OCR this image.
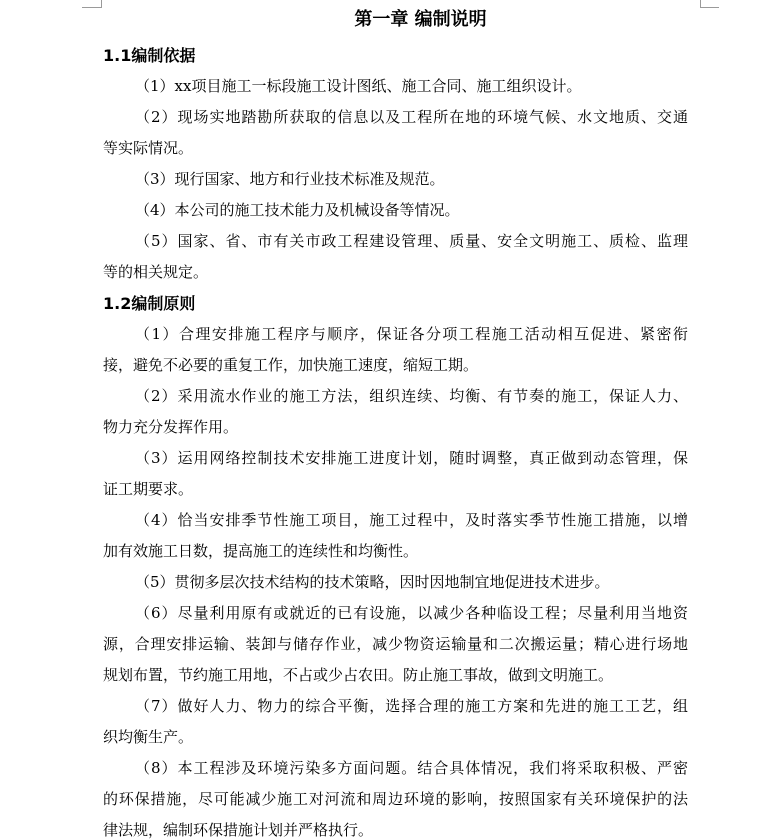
第一章 编制说明
1.1编制依据
（1）xx项目施工一标段施工设计图纸、施工合同、施工组织设计。
（2）现场实地踏勘所获取的信息以及工程所在地的环境气候、水文地质、交通
等实际情况。
（3）现行国家、地方和行业技术标准及规范。
（4）本公司的施工技术能力及机械设备等情况。
（5）国家、省、市有关市政工程建设管理、质量、安全文明施工、质检、监理
等的相关规定。
1.2编制原则
（1）合理安排施工程序与顺序，保证各分项工程施工活动相互促进、紧密衔
接，避免不必要的重复工作，加快施工速度，缩短工期。
（2）采用流水作业的施工方法，组织连续、均衡、有节奏的施工，保证人力、
物力充分发挥作用。
（3）运用网络控制技术安排施工进度计划，随时调整，真正做到动态管理，保
证工期要求。
（4）恰当安排季节性施工项目，施工过程中，及时落实季节性施工措施，以增
加有效施工日数，提高施工的连续性和均衡性。
（5）贯彻多层次技术结构的技术策略，因时因地制宜地促进技术进步。
（6）尽量利用原有或就近的已有设施，以减少各种临设工程；尽量利用当地资
源，合理安排运输、装卸与储存作业，减少物资运输量和二次搬运量；精心进行场地
规划布置，节约施工用地，不占或少占农田。防止施工事故，做到文明施工。
（7）做好人力、物力的综合平衡，选择合理的施工方案和先进的施工工艺，组
织均衡生产。
（8）本工程涉及环境污染多方面问题。结合具体情况，我们将采取积极、严密
的环保措施，尽可能减少施工对河流和周边环境的影响，按照国家有关环境保护的法
律法规，编制环保措施计划并严格执行。
